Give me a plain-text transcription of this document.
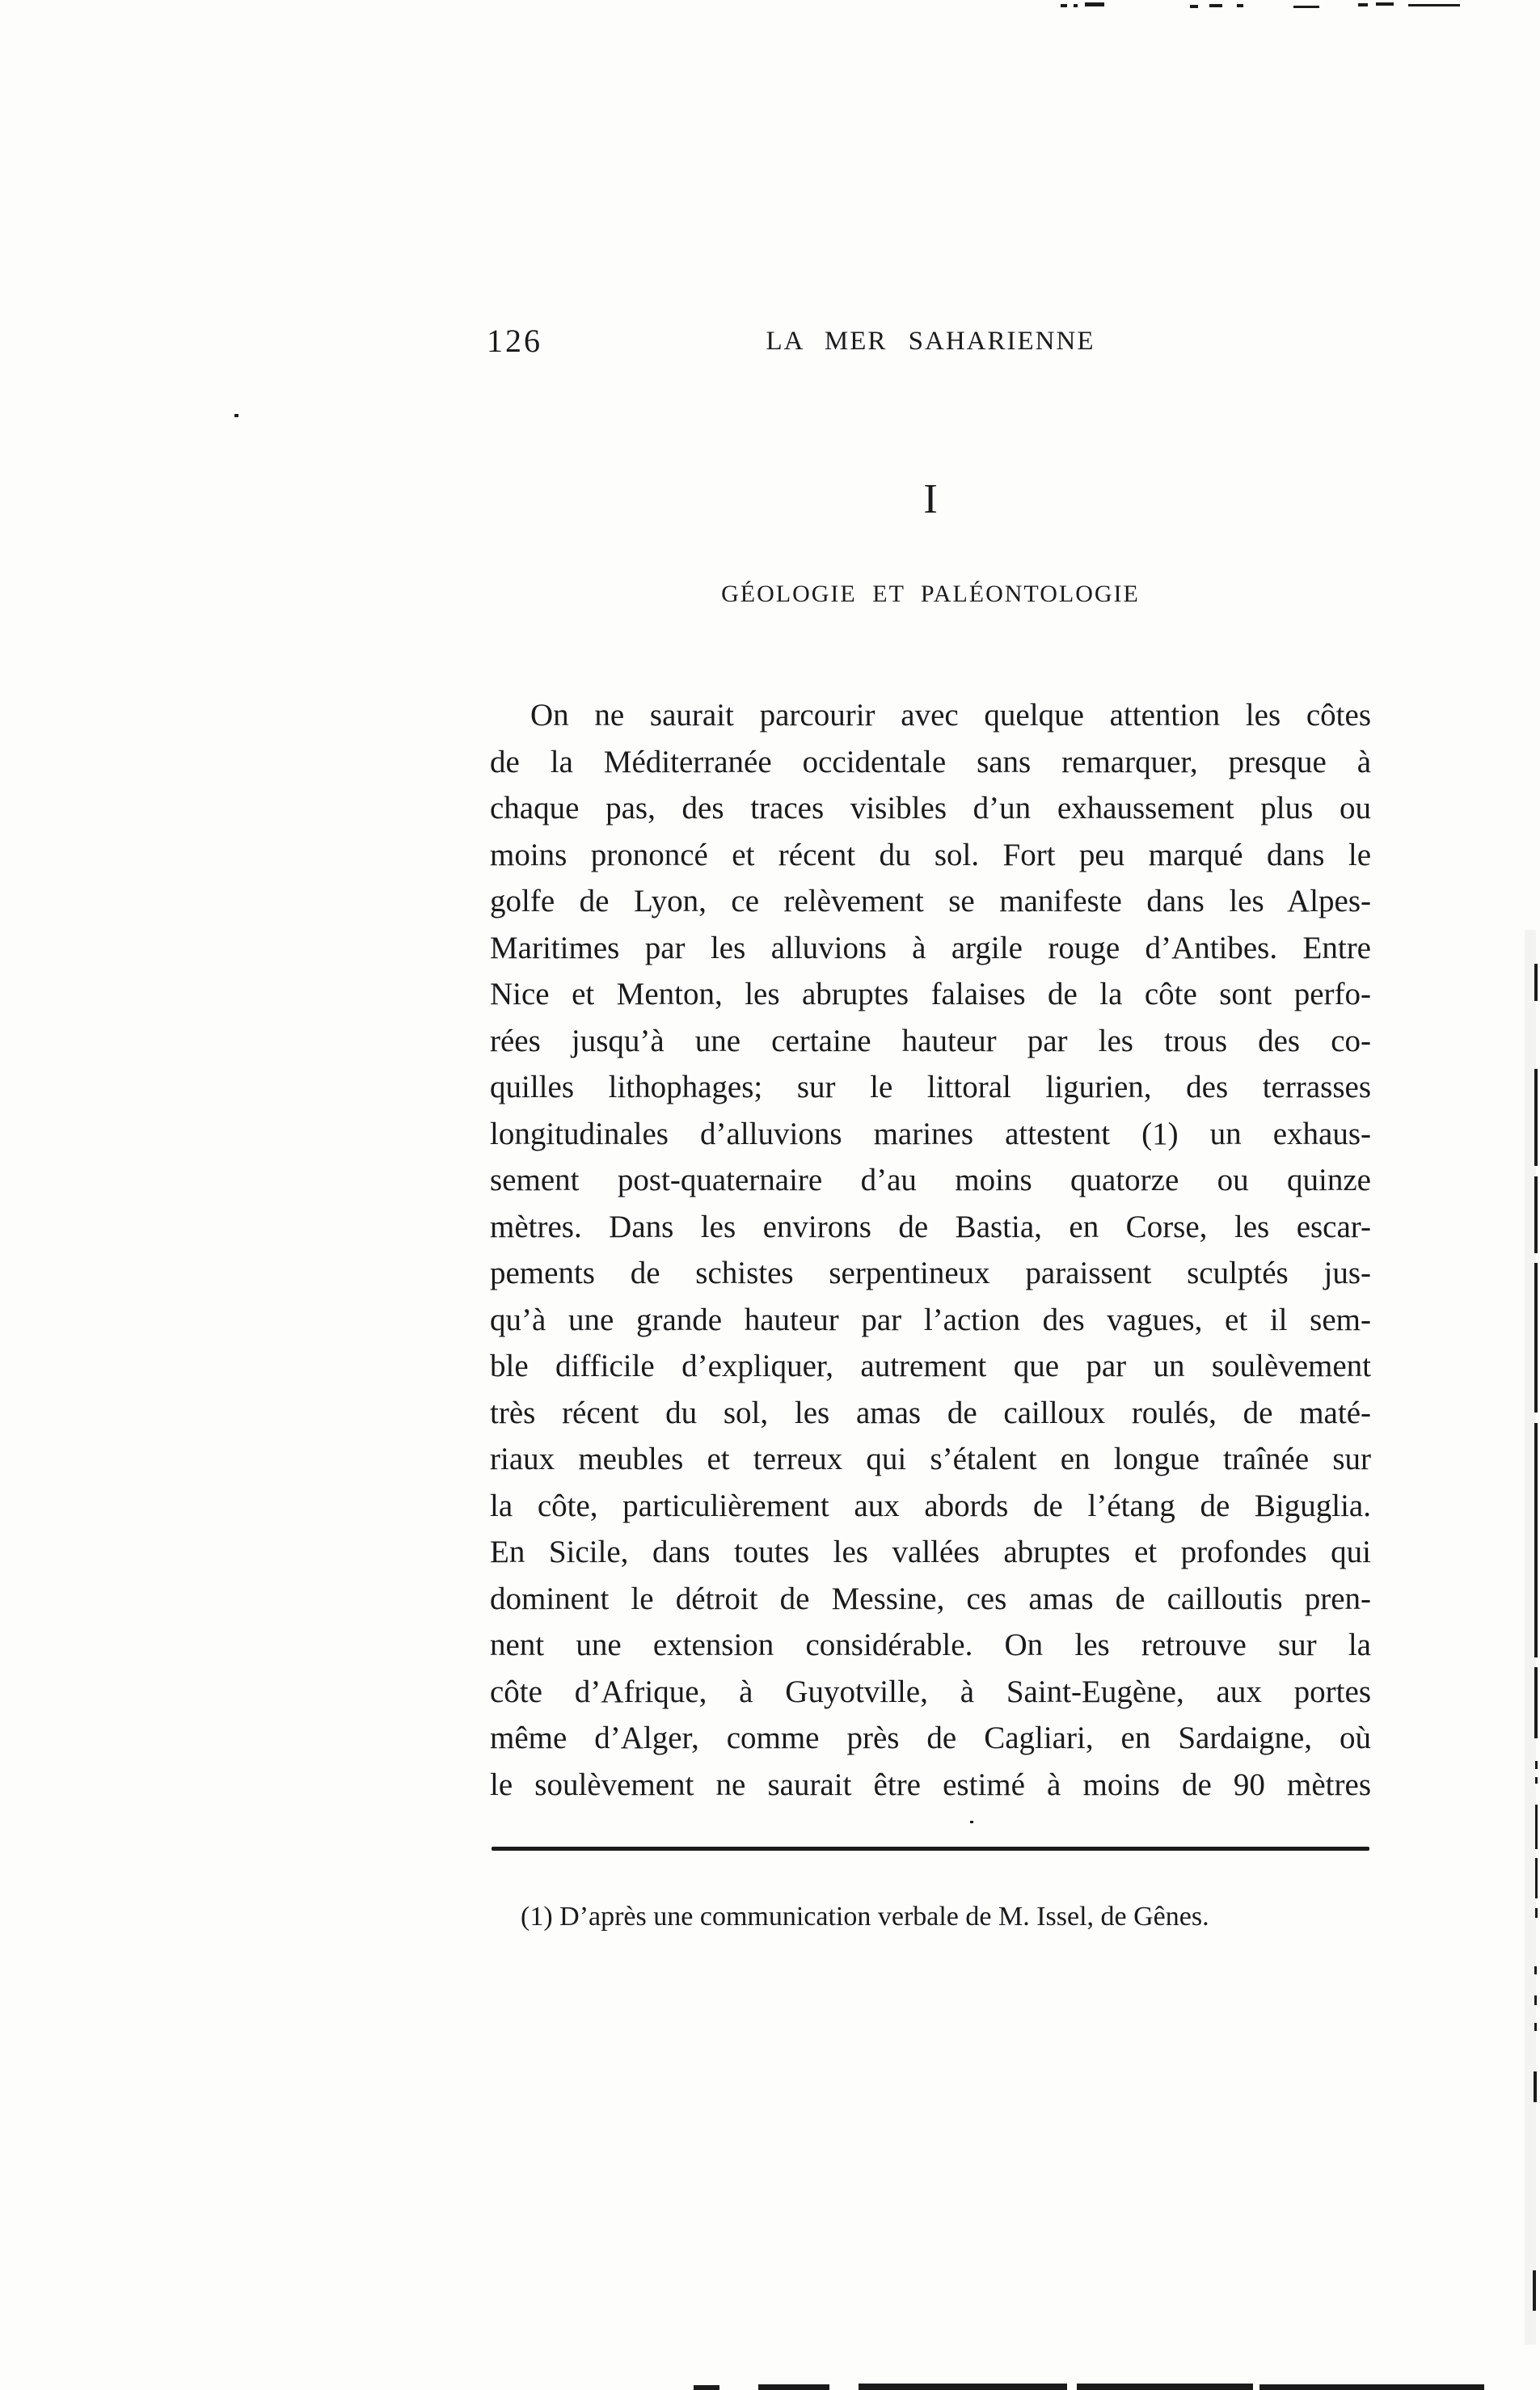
126	LA MER SAHARIENNE
I
GÉOLOGIE ET PALÉONTOLOGIE
On ne saurait parcourir avec quelque attention les côtes
de la Méditerranée occidentale sans remarquer, presque à
chaque pas, des traces visibles d’un exhaussement plus ou
moins prononcé et récent du sol. Fort peu marqué dans le
golfe de Lyon, ce relèvement se manifeste dans les Alpes-
Maritimes par les alluvions à argile rouge d’Antibes. Entre
Nice et Menton, les abruptes falaises de la côte sont perfo-
rées jusqu’à une certaine hauteur par les trous des co-
quilles lithophages; sur le littoral ligurien, des terrasses
longitudinales d’alluvions marines attestent (1) un exhaus-
sement post-quaternaire d’au moins quatorze ou quinze
mètres. Dans les environs de Bastia, en Corse, les escar-
pements de schistes serpentineux paraissent sculptés jus-
qu’à une grande hauteur par l’action des vagues, et il sem-
ble difficile d’expliquer, autrement que par un soulèvement
très récent du sol, les amas de cailloux roulés, de maté-
riaux meubles et terreux qui s’étalent en longue traînée sur
la côte, particulièrement aux abords de l’étang de Biguglia.
En Sicile, dans toutes les vallées abruptes et profondes qui
dominent le détroit de Messine, ces amas de cailloutis pren-
nent une extension considérable. On les retrouve sur la
côte d’Afrique, à Guyotville, à Saint-Eugène, aux portes
même d’Alger, comme près de Cagliari, en Sardaigne, où
le soulèvement ne saurait être estimé à moins de 90 mètres
(1) D’après une communication verbale de M. Issel, de Gênes.
